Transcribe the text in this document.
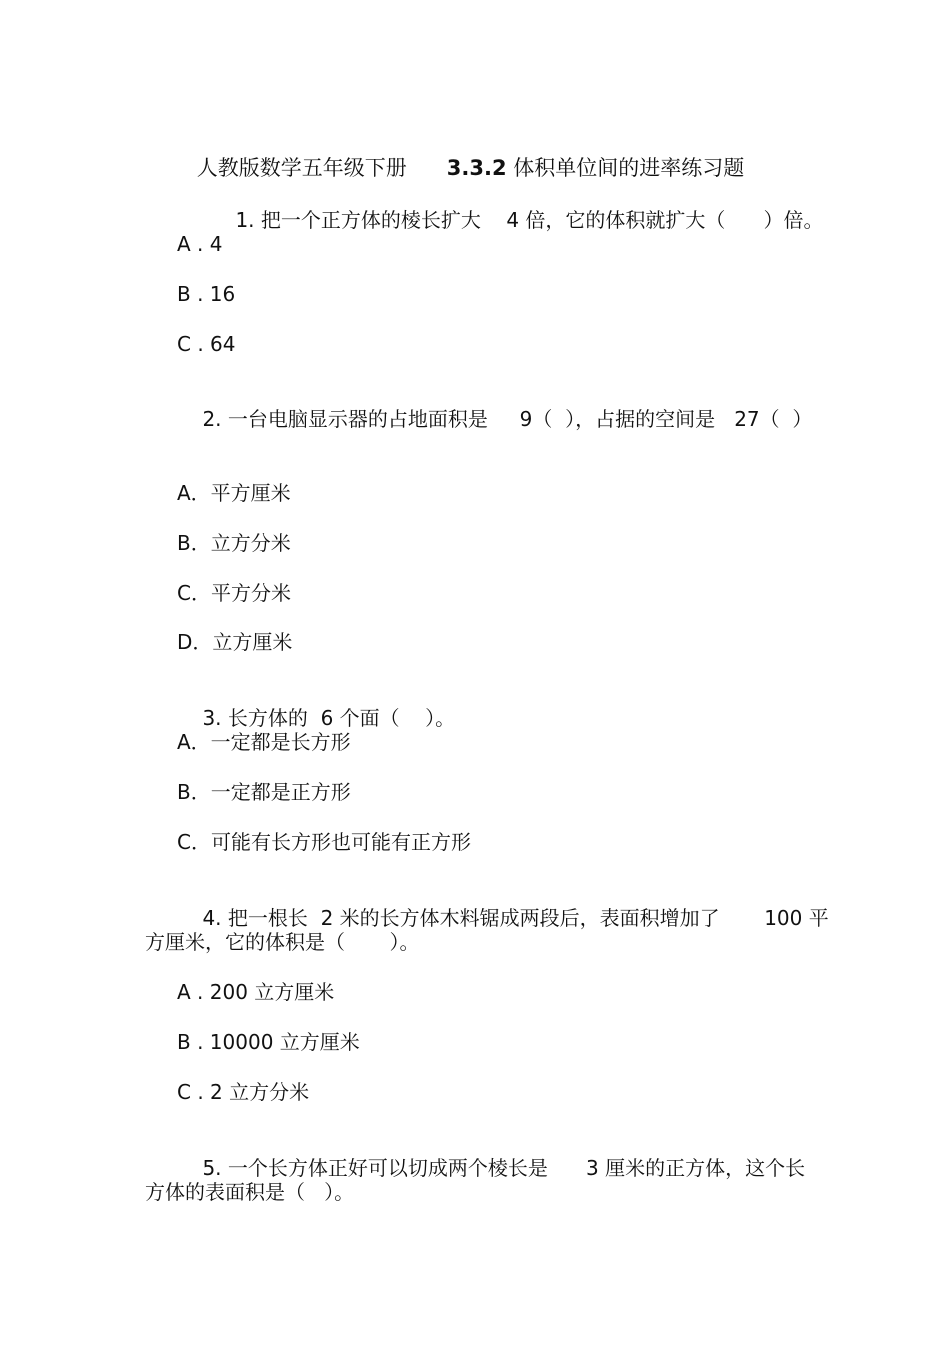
人教版数学五年级下册 3.3.2 体积单位间的进率练习题

1. 把一个正方体的棱长扩大    4 倍，它的体积就扩大（      ）倍。

A . 4
B . 16
C . 64

2. 一台电脑显示器的占地面积是     9（  ），占据的空间是   27（  ）

A．平方厘米
B．立方分米
C．平方分米
D．立方厘米

3. 长方体的  6 个面（    ）。

A．一定都是长方形
B．一定都是正方形
C．可能有长方形也可能有正方形

4. 把一根长  2 米的长方体木料锯成两段后，表面积增加了       100 平

方厘米，它的体积是（       ）。
A . 200 立方厘米
B . 10000 立方厘米
C . 2 立方分米

5. 一个长方体正好可以切成两个棱长是      3 厘米的正方体，这个长

方体的表面积是（   ）。
